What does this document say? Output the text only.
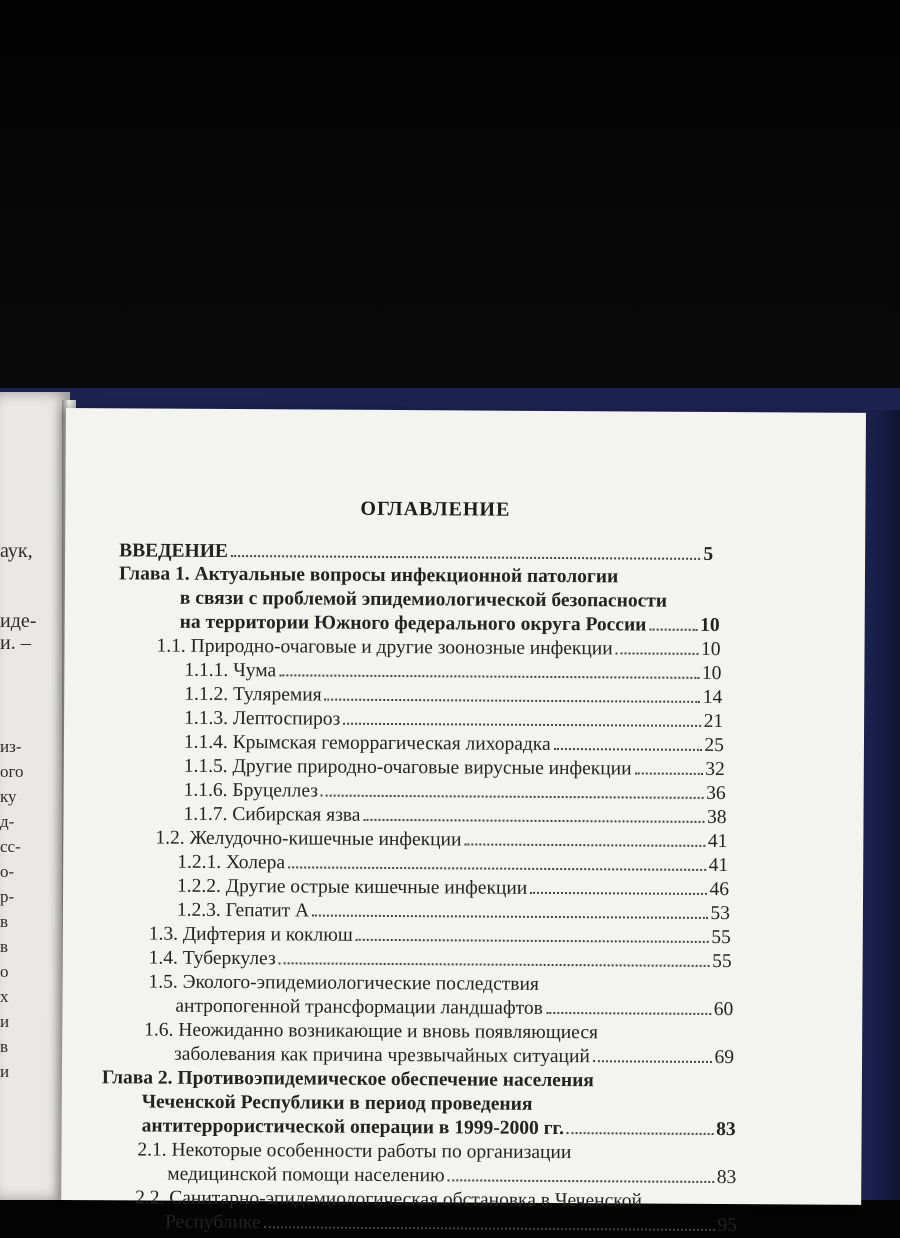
аук,
иде-
и. –
из-
ого
ку
д-
сс-
о-
р-
в
в
о
х
и
в
и
ОГЛАВЛЕНИЕ
ВВЕДЕНИЕ	5
Глава 1. Актуальные вопросы инфекционной патологии
в связи с проблемой эпидемиологической безопасности
на территории Южного федерального округа России	10
1.1. Природно-очаговые и другие зоонозные инфекции	10
1.1.1. Чума	10
1.1.2. Туляремия	14
1.1.3. Лептоспироз	21
1.1.4. Крымская геморрагическая лихорадка	25
1.1.5. Другие природно-очаговые вирусные инфекции	32
1.1.6. Бруцеллез	36
1.1.7. Сибирская язва	38
1.2. Желудочно-кишечные инфекции	41
1.2.1. Холера	41
1.2.2. Другие острые кишечные инфекции	46
1.2.3. Гепатит А	53
1.3. Дифтерия и коклюш	55
1.4. Туберкулез	55
1.5. Эколого-эпидемиологические последствия
антропогенной трансформации ландшафтов	60
1.6. Неожиданно возникающие и вновь появляющиеся
заболевания как причина чрезвычайных ситуаций	69
Глава 2. Противоэпидемическое обеспечение населения
Чеченской Республики в период проведения
антитеррористической операции в 1999-2000 гг.	83
2.1. Некоторые особенности работы по организации
медицинской помощи населению	83
2.2. Санитарно-эпидемиологическая обстановка в Чеченской
Республике	95
